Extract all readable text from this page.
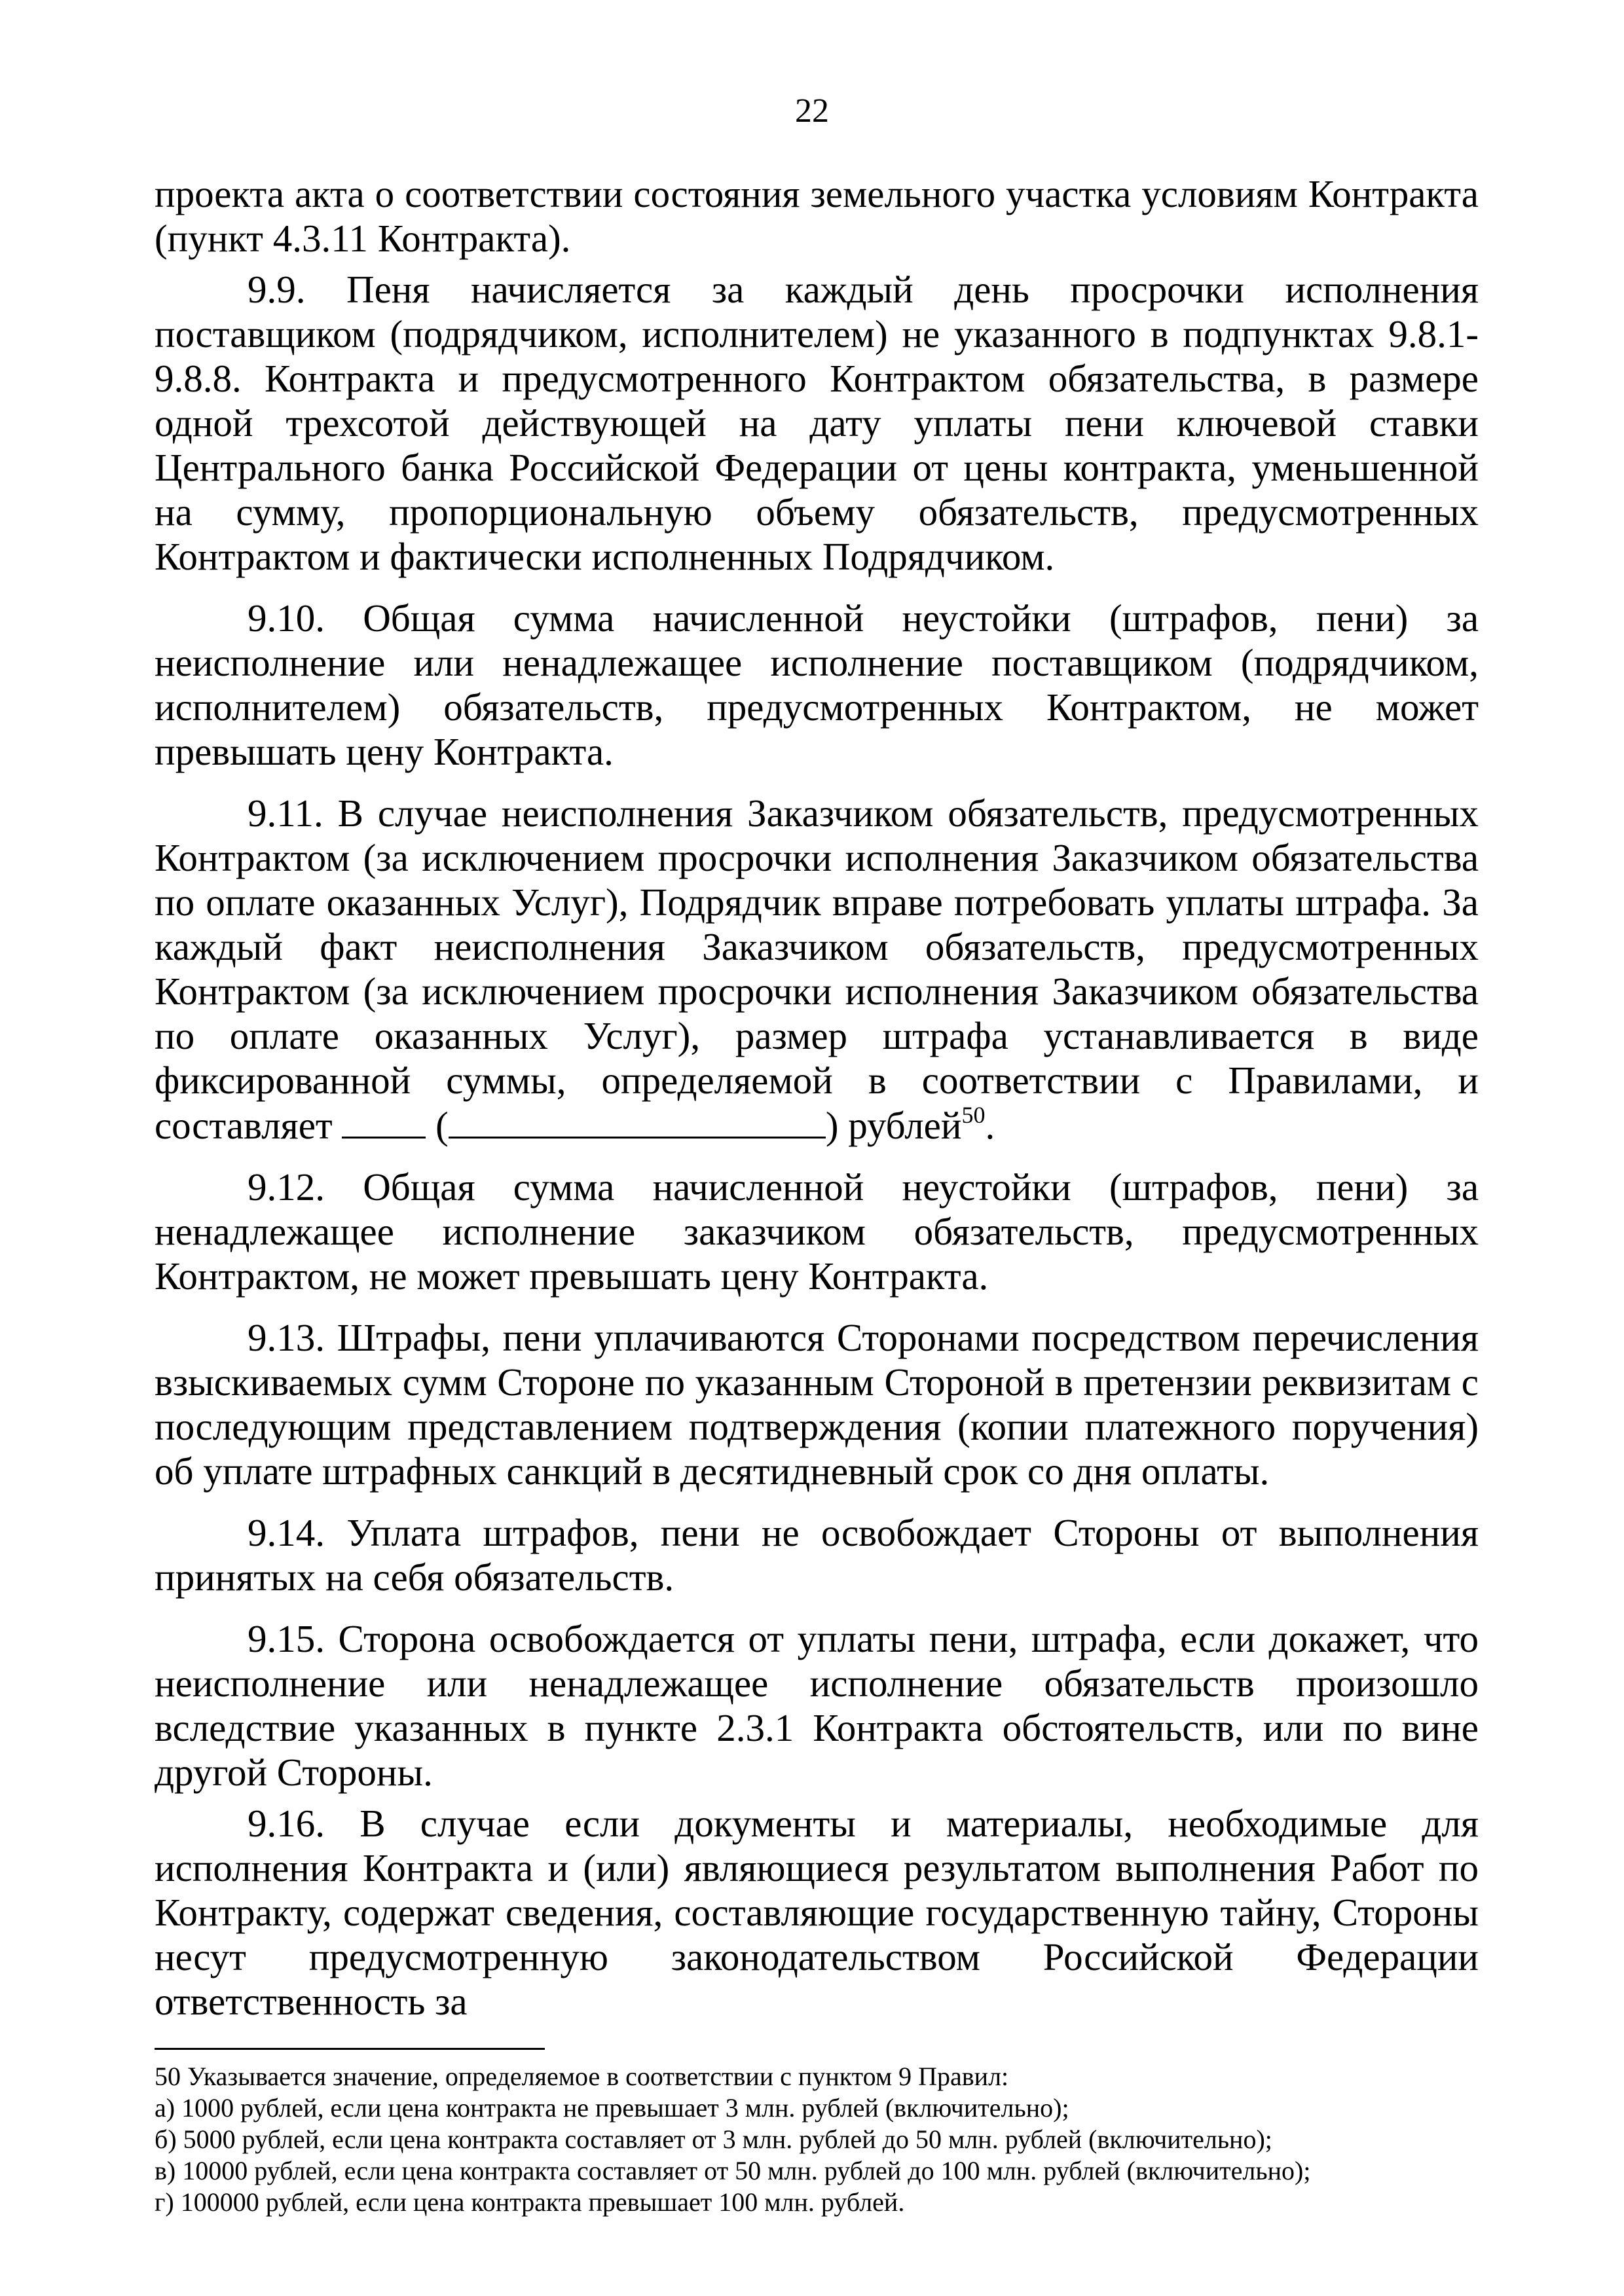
22

проекта акта о соответствии состояния земельного участка условиям Контракта (пункт 4.3.11 Контракта).

9.9. Пеня начисляется за каждый день просрочки исполнения поставщиком (подрядчиком, исполнителем) не указанного в подпунктах 9.8.1-9.8.8. Контракта и предусмотренного Контрактом обязательства, в размере одной трехсотой действующей на дату уплаты пени ключевой ставки Центрального банка Российской Федерации от цены контракта, уменьшенной на сумму, пропорциональную объему обязательств, предусмотренных Контрактом и фактически исполненных Подрядчиком.

9.10. Общая сумма начисленной неустойки (штрафов, пени) за неисполнение или ненадлежащее исполнение поставщиком (подрядчиком, исполнителем) обязательств, предусмотренных Контрактом, не может превышать цену Контракта.

9.11. В случае неисполнения Заказчиком обязательств, предусмотренных Контрактом (за исключением просрочки исполнения Заказчиком обязательства по оплате оказанных Услуг), Подрядчик вправе потребовать уплаты штрафа. За каждый факт неисполнения Заказчиком обязательств, предусмотренных Контрактом (за исключением просрочки исполнения Заказчиком обязательства по оплате оказанных Услуг), размер штрафа устанавливается в виде фиксированной суммы, определяемой в соответствии с Правилами, и составляет  (	) рублей$^{50}$.

9.12. Общая сумма начисленной неустойки (штрафов, пени) за ненадлежащее исполнение заказчиком обязательств, предусмотренных Контрактом, не может превышать цену Контракта.

9.13. Штрафы, пени уплачиваются Сторонами посредством перечисления взыскиваемых сумм Стороне по указанным Стороной в претензии реквизитам с последующим представлением подтверждения (копии платежного поручения) об уплате штрафных санкций в десятидневный срок со дня оплаты.

9.14. Уплата штрафов, пени не освобождает Стороны от выполнения принятых на себя обязательств.

9.15. Сторона освобождается от уплаты пени, штрафа, если докажет, что неисполнение или ненадлежащее исполнение обязательств произошло вследствие указанных в пункте 2.3.1 Контракта обстоятельств, или по вине другой Стороны.

9.16. В случае если документы и материалы, необходимые для исполнения Контракта и (или) являющиеся результатом выполнения Работ по Контракту, содержат сведения, составляющие государственную тайну, Стороны несут предусмотренную законодательством Российской Федерации ответственность за

50 Указывается значение, определяемое в соответствии с пунктом 9 Правил:

а) 1000 рублей, если цена контракта не превышает 3 млн. рублей (включительно);

б) 5000 рублей, если цена контракта составляет от 3 млн. рублей до 50 млн. рублей (включительно);

в) 10000 рублей, если цена контракта составляет от 50 млн. рублей до 100 млн. рублей (включительно);

г) 100000 рублей, если цена контракта превышает 100 млн. рублей.
